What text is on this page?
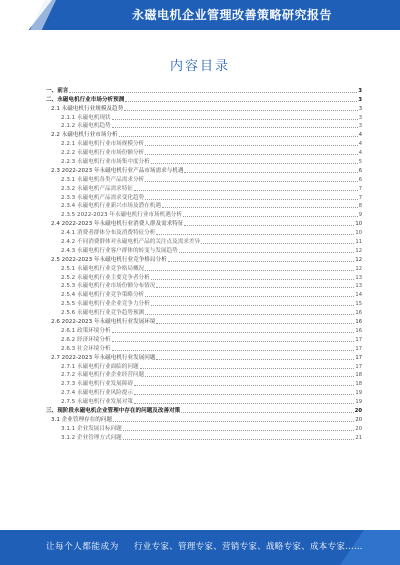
永磁电机企业管理改善策略研究报告
内容目录
一、前言	3
二、永磁电机行业市场分析预测	3
2.1 永磁电机行业规模及趋势	3
2.1.1 永磁电机现状	3
2.1.2 永磁电机趋势	3
2.2 永磁电机行业市场分析	4
2.2.1 永磁电机行业市场规模分析	4
2.2.2 永磁电机行业市场份额分析	4
2.2.3 永磁电机行业市场集中度分析	5
2.3 2022-2023 年永磁电机行业产品市场需求与机遇	6
2.3.1 永磁电机各类产品需求分析	6
2.3.2 永磁电机产品需求特征	7
2.3.3 永磁电机产品需求变化趋势	7
2.3.4 永磁电机行业新兴市场及潜在机遇	8
2.3.5 2022-2023 年永磁电机行业市场机遇分析	9
2.4 2022-2023 年永磁电机行业消费人群及需求特征	10
2.4.1 消费者群体分布及消费特征分析	10
2.4.2 不同消费群体对永磁电机产品的关注点及需求差异	11
2.4.3 永磁电机行业客户群体的转变与发展趋势	12
2.5 2022-2023 年永磁电机行业竞争格局分析	12
2.5.1 永磁电机行业竞争格局概况	12
2.5.2 永磁电机行业主要竞争者分析	13
2.5.3 永磁电机行业市场份额分布情况	13
2.5.4 永磁电机行业竞争策略分析	14
2.5.5 永磁电机行业企业竞争力分析	15
2.5.6 永磁电机行业竞争趋势预测	16
2.6 2022-2023 年永磁电机行业发展环境	16
2.6.1 政策环境分析	16
2.6.2 经济环境分析	17
2.6.3 社会环境分析	17
2.7 2022-2023 年永磁电机行业发展问题	17
2.7.1 永磁电机行业面临的问题	17
2.7.2 永磁电机行业企业经营问题	18
2.7.3 永磁电机行业发展障碍	18
2.7.4 永磁电机行业风险提示	19
2.7.5 永磁电机行业发展对策	19
三、现阶段永磁电机企业管理中存在的问题及改善对策	20
3.1 企业管理存在的问题	20
3.1.1 企业发展目标问题	20
3.1.2 企业管理方式问题	21
让每个人都能成为 行业专家、管理专家、营销专家、战略专家、成本专家……
